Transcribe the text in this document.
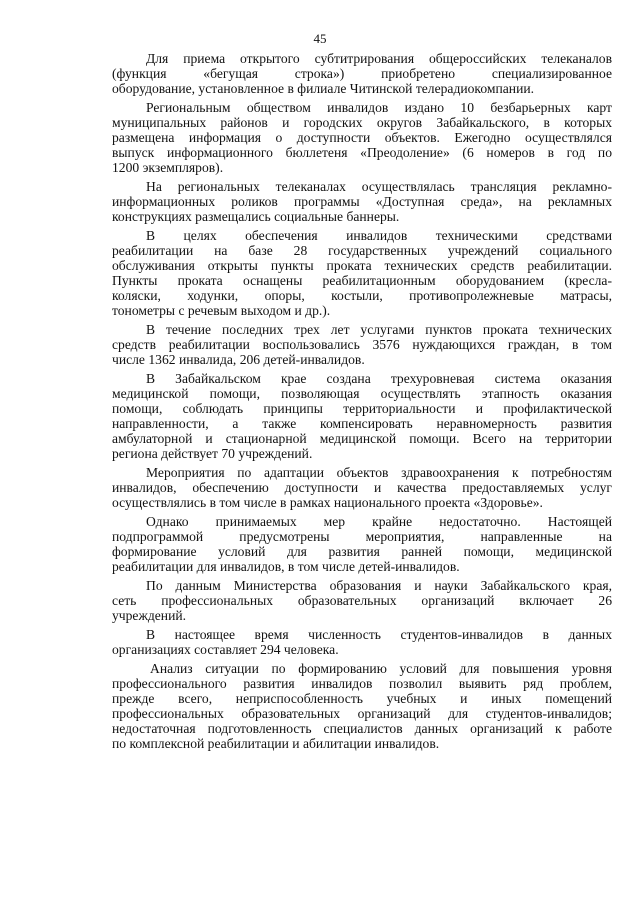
45

Для приема открытого субтитрирования общероссийских телеканалов
(функция «бегущая строка») приобретено специализированное
оборудование, установленное в филиале Читинской телерадиокомпании.

Региональным обществом инвалидов издано 10 безбарьерных карт
муниципальных районов и городских округов Забайкальского, в которых
размещена информация о доступности объектов. Ежегодно осуществлялся
выпуск информационного бюллетеня «Преодоление» (6 номеров в год по
1200 экземпляров).

На региональных телеканалах осуществлялась трансляция рекламно-
информационных роликов программы «Доступная среда», на рекламных
конструкциях размещались социальные баннеры.

В целях обеспечения инвалидов техническими средствами
реабилитации на базе 28 государственных учреждений социального
обслуживания открыты пункты проката технических средств реабилитации.
Пункты проката оснащены реабилитационным оборудованием (кресла-
коляски, ходунки, опоры, костыли, противопролежневые матрасы,
тонометры с речевым выходом и др.).

В течение последних трех лет услугами пунктов проката технических
средств реабилитации воспользовались 3576 нуждающихся граждан, в том
числе 1362 инвалида, 206 детей-инвалидов.

В Забайкальском крае создана трехуровневая система оказания
медицинской помощи, позволяющая осуществлять этапность оказания
помощи, соблюдать принципы территориальности и профилактической
направленности, а также компенсировать неравномерность развития
амбулаторной и стационарной медицинской помощи. Всего на территории
региона действует 70 учреждений.

Мероприятия по адаптации объектов здравоохранения к потребностям
инвалидов, обеспечению доступности и качества предоставляемых услуг
осуществлялись в том числе в рамках национального проекта «Здоровье».

Однако принимаемых мер крайне недостаточно. Настоящей
подпрограммой предусмотрены мероприятия, направленные на
формирование условий для развития ранней помощи, медицинской
реабилитации для инвалидов, в том числе детей-инвалидов.

По данным Министерства образования и науки Забайкальского края,
сеть профессиональных образовательных организаций включает 26
учреждений.

В настоящее время численность студентов-инвалидов в данных
организациях составляет 294 человека.

Анализ ситуации по формированию условий для повышения уровня
профессионального развития инвалидов позволил выявить ряд проблем,
прежде всего, неприспособленность учебных и иных помещений
профессиональных образовательных организаций для студентов-инвалидов;
недостаточная подготовленность специалистов данных организаций к работе
по комплексной реабилитации и абилитации инвалидов.
